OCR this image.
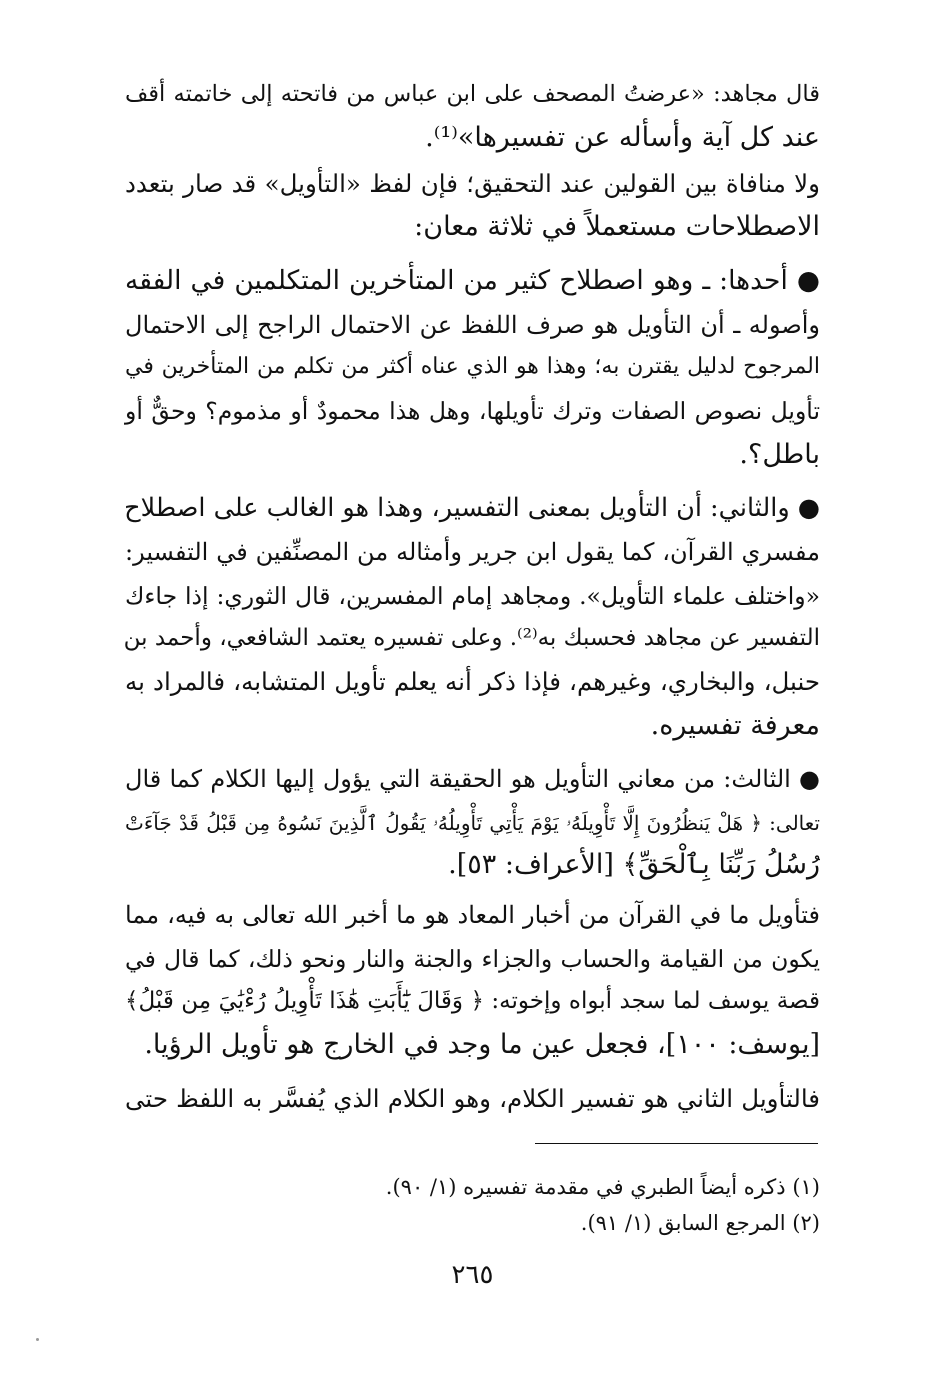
قال مجاهد: «عرضتُ المصحف على ابن عباس من فاتحته إلى خاتمته أقف
عند كل آية وأسأله عن تفسيرها»⁽¹⁾.
ولا منافاة بين القولين عند التحقيق؛ فإن لفظ «التأويل» قد صار بتعدد
الاصطلاحات مستعملاً في ثلاثة معان:
● أحدها: ـ وهو اصطلاح كثير من المتأخرين المتكلمين في الفقه
وأصوله ـ أن التأويل هو صرف اللفظ عن الاحتمال الراجح إلى الاحتمال
المرجوح لدليل يقترن به؛ وهذا هو الذي عناه أكثر من تكلم من المتأخرين في
تأويل نصوص الصفات وترك تأويلها، وهل هذا محمودٌ أو مذموم؟ وحقٌّ أو
باطل؟.
● والثاني: أن التأويل بمعنى التفسير، وهذا هو الغالب على اصطلاح
مفسري القرآن، كما يقول ابن جرير وأمثاله من المصنِّفين في التفسير:
«واختلف علماء التأويل». ومجاهد إمام المفسرين، قال الثوري: إذا جاءك
التفسير عن مجاهد فحسبك به⁽²⁾. وعلى تفسيره يعتمد الشافعي، وأحمد بن
حنبل، والبخاري، وغيرهم، فإذا ذكر أنه يعلم تأويل المتشابه، فالمراد به
معرفة تفسيره.
● الثالث: من معاني التأويل هو الحقيقة التي يؤول إليها الكلام كما قال
تعالى: ﴿ هَلْ يَنظُرُونَ إِلَّا تَأْوِيلَهُۥ يَوْمَ يَأْتِي تَأْوِيلُهُۥ يَقُولُ ٱلَّذِينَ نَسُوهُ مِن قَبْلُ قَدْ جَآءَتْ
رُسُلُ رَبِّنَا بِٱلْحَقِّ﴾ [الأعراف: ٥٣].
فتأويل ما في القرآن من أخبار المعاد هو ما أخبر الله تعالى به فيه، مما
يكون من القيامة والحساب والجزاء والجنة والنار ونحو ذلك، كما قال في
قصة يوسف لما سجد أبواه وإخوته: ﴿ وَقَالَ يَٰٓأَبَتِ هَٰذَا تَأْوِيلُ رُءْيَٰيَ مِن قَبْلُ﴾
[يوسف: ١٠٠]، فجعل عين ما وجد في الخارج هو تأويل الرؤيا.
فالتأويل الثاني هو تفسير الكلام، وهو الكلام الذي يُفسَّر به اللفظ حتى
(١) ذكره أيضاً الطبري في مقدمة تفسيره (١/ ٩٠).
(٢) المرجع السابق (١/ ٩١).
٢٦٥
